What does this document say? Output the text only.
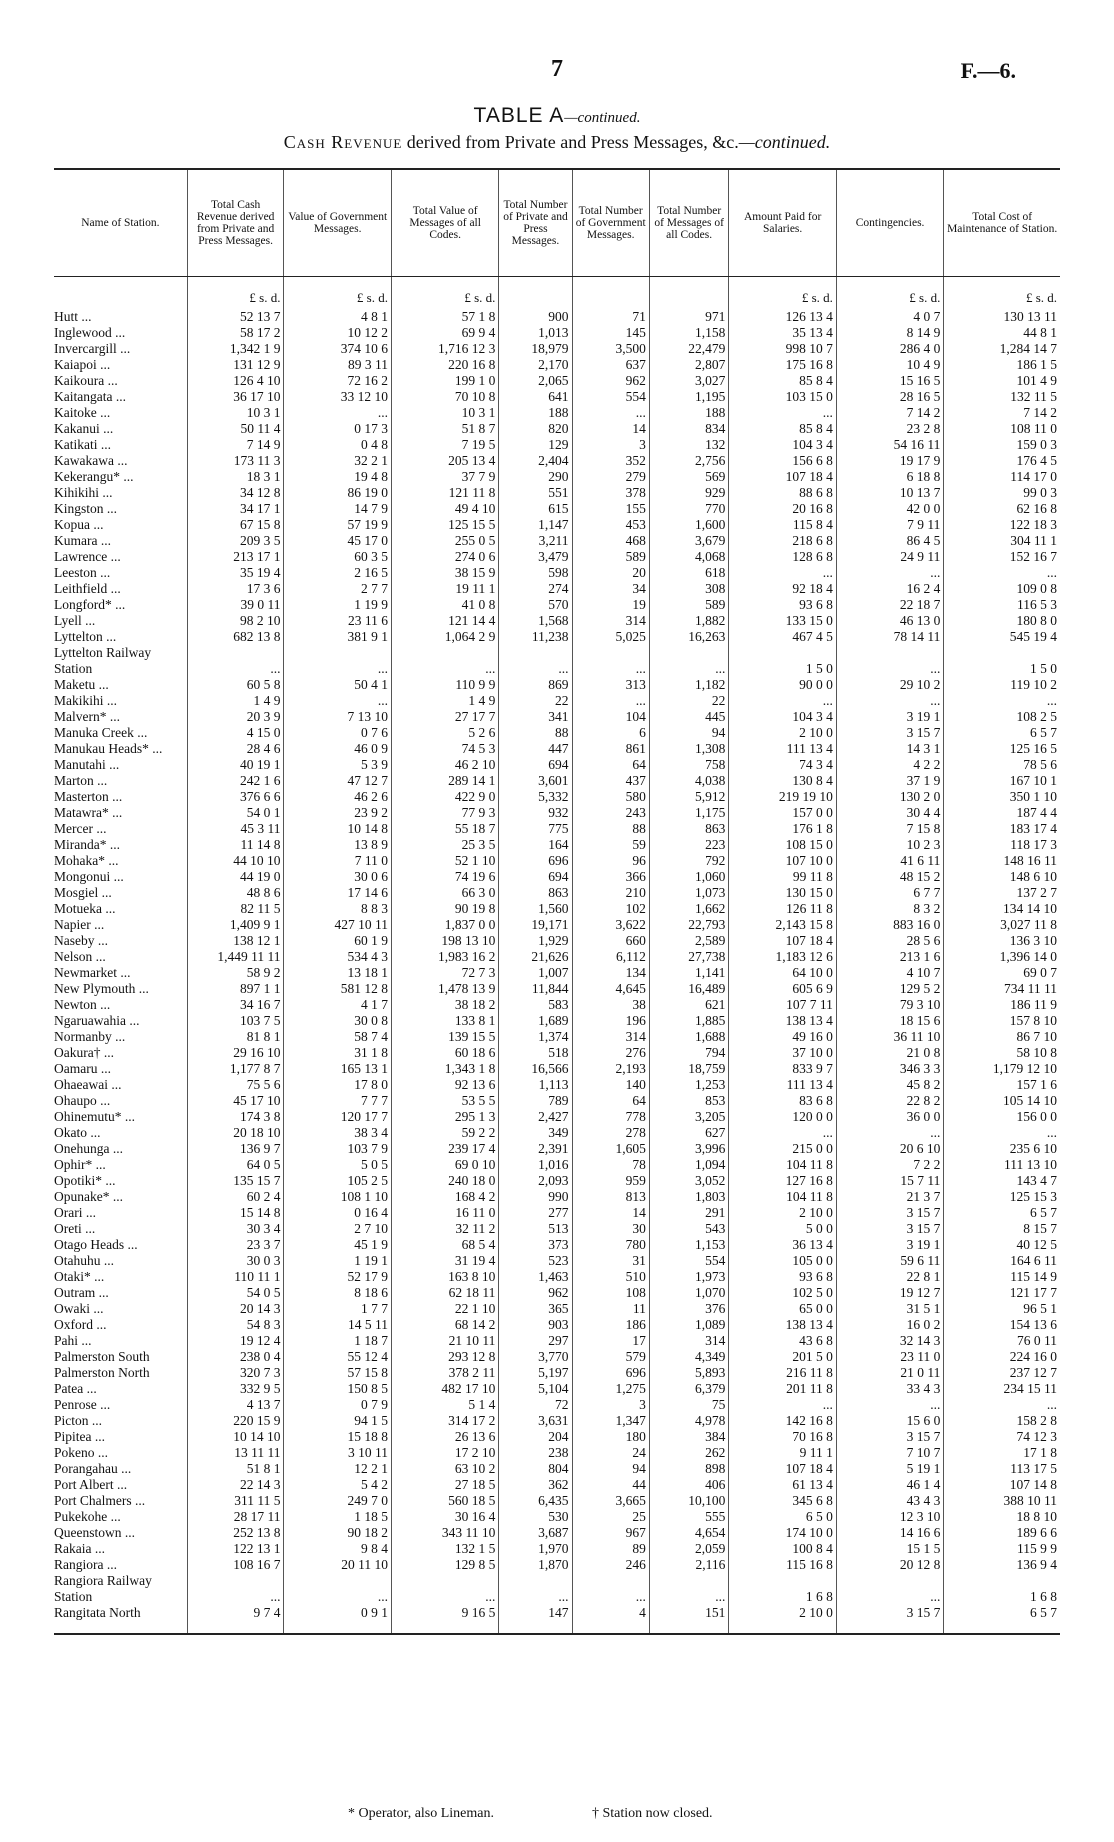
7	F.—6.
TABLE A—continued.
Cash Revenue derived from Private and Press Messages, &c.—continued.
Name of Station.	Total Cash Revenue derived from Private and Press Messages.	Value of Government Messages.	Total Value of Messages of all Codes.	Total Number of Private and Press Messages.	Total Number of Government Messages.	Total Number of Messages of all Codes.	Amount Paid for Salaries.	Contingencies.	Total Cost of Maintenance of Station.
	£ s. d.	£ s. d.	£ s. d.				£ s. d.	£ s. d.	£ s. d.
Hutt ...	52 13 7	4 8 1	57 1 8	900	71	971	126 13 4	4 0 7	130 13 11
Inglewood ...	58 17 2	10 12 2	69 9 4	1,013	145	1,158	35 13 4	8 14 9	44 8 1
Invercargill ...	1,342 1 9	374 10 6	1,716 12 3	18,979	3,500	22,479	998 10 7	286 4 0	1,284 14 7
Kaiapoi ...	131 12 9	89 3 11	220 16 8	2,170	637	2,807	175 16 8	10 4 9	186 1 5
Kaikoura ...	126 4 10	72 16 2	199 1 0	2,065	962	3,027	85 8 4	15 16 5	101 4 9
Kaitangata ...	36 17 10	33 12 10	70 10 8	641	554	1,195	103 15 0	28 16 5	132 11 5
Kaitoke ...	10 3 1	...	10 3 1	188	...	188	...	7 14 2	7 14 2
Kakanui ...	50 11 4	0 17 3	51 8 7	820	14	834	85 8 4	23 2 8	108 11 0
Katikati ...	7 14 9	0 4 8	7 19 5	129	3	132	104 3 4	54 16 11	159 0 3
Kawakawa ...	173 11 3	32 2 1	205 13 4	2,404	352	2,756	156 6 8	19 17 9	176 4 5
Kekerangu* ...	18 3 1	19 4 8	37 7 9	290	279	569	107 18 4	6 18 8	114 17 0
Kihikihi ...	34 12 8	86 19 0	121 11 8	551	378	929	88 6 8	10 13 7	99 0 3
Kingston ...	34 17 1	14 7 9	49 4 10	615	155	770	20 16 8	42 0 0	62 16 8
Kopua ...	67 15 8	57 19 9	125 15 5	1,147	453	1,600	115 8 4	7 9 11	122 18 3
Kumara ...	209 3 5	45 17 0	255 0 5	3,211	468	3,679	218 6 8	86 4 5	304 11 1
Lawrence ...	213 17 1	60 3 5	274 0 6	3,479	589	4,068	128 6 8	24 9 11	152 16 7
Leeston ...	35 19 4	2 16 5	38 15 9	598	20	618	...	...	...
Leithfield ...	17 3 6	2 7 7	19 11 1	274	34	308	92 18 4	16 2 4	109 0 8
Longford* ...	39 0 11	1 19 9	41 0 8	570	19	589	93 6 8	22 18 7	116 5 3
Lyell ...	98 2 10	23 11 6	121 14 4	1,568	314	1,882	133 15 0	46 13 0	180 8 0
Lyttelton ...	682 13 8	381 9 1	1,064 2 9	11,238	5,025	16,263	467 4 5	78 14 11	545 19 4
Lyttelton Railway									
Station	...	...	...	...	...	...	1 5 0	...	1 5 0
Maketu ...	60 5 8	50 4 1	110 9 9	869	313	1,182	90 0 0	29 10 2	119 10 2
Makikihi ...	1 4 9	...	1 4 9	22	...	22	...	...	...
Malvern* ...	20 3 9	7 13 10	27 17 7	341	104	445	104 3 4	3 19 1	108 2 5
Manuka Creek ...	4 15 0	0 7 6	5 2 6	88	6	94	2 10 0	3 15 7	6 5 7
Manukau Heads* ...	28 4 6	46 0 9	74 5 3	447	861	1,308	111 13 4	14 3 1	125 16 5
Manutahi ...	40 19 1	5 3 9	46 2 10	694	64	758	74 3 4	4 2 2	78 5 6
Marton ...	242 1 6	47 12 7	289 14 1	3,601	437	4,038	130 8 4	37 1 9	167 10 1
Masterton ...	376 6 6	46 2 6	422 9 0	5,332	580	5,912	219 19 10	130 2 0	350 1 10
Matawra* ...	54 0 1	23 9 2	77 9 3	932	243	1,175	157 0 0	30 4 4	187 4 4
Mercer ...	45 3 11	10 14 8	55 18 7	775	88	863	176 1 8	7 15 8	183 17 4
Miranda* ...	11 14 8	13 8 9	25 3 5	164	59	223	108 15 0	10 2 3	118 17 3
Mohaka* ...	44 10 10	7 11 0	52 1 10	696	96	792	107 10 0	41 6 11	148 16 11
Mongonui ...	44 19 0	30 0 6	74 19 6	694	366	1,060	99 11 8	48 15 2	148 6 10
Mosgiel ...	48 8 6	17 14 6	66 3 0	863	210	1,073	130 15 0	6 7 7	137 2 7
Motueka ...	82 11 5	8 8 3	90 19 8	1,560	102	1,662	126 11 8	8 3 2	134 14 10
Napier ...	1,409 9 1	427 10 11	1,837 0 0	19,171	3,622	22,793	2,143 15 8	883 16 0	3,027 11 8
Naseby ...	138 12 1	60 1 9	198 13 10	1,929	660	2,589	107 18 4	28 5 6	136 3 10
Nelson ...	1,449 11 11	534 4 3	1,983 16 2	21,626	6,112	27,738	1,183 12 6	213 1 6	1,396 14 0
Newmarket ...	58 9 2	13 18 1	72 7 3	1,007	134	1,141	64 10 0	4 10 7	69 0 7
New Plymouth ...	897 1 1	581 12 8	1,478 13 9	11,844	4,645	16,489	605 6 9	129 5 2	734 11 11
Newton ...	34 16 7	4 1 7	38 18 2	583	38	621	107 7 11	79 3 10	186 11 9
Ngaruawahia ...	103 7 5	30 0 8	133 8 1	1,689	196	1,885	138 13 4	18 15 6	157 8 10
Normanby ...	81 8 1	58 7 4	139 15 5	1,374	314	1,688	49 16 0	36 11 10	86 7 10
Oakura† ...	29 16 10	31 1 8	60 18 6	518	276	794	37 10 0	21 0 8	58 10 8
Oamaru ...	1,177 8 7	165 13 1	1,343 1 8	16,566	2,193	18,759	833 9 7	346 3 3	1,179 12 10
Ohaeawai ...	75 5 6	17 8 0	92 13 6	1,113	140	1,253	111 13 4	45 8 2	157 1 6
Ohaupo ...	45 17 10	7 7 7	53 5 5	789	64	853	83 6 8	22 8 2	105 14 10
Ohinemutu* ...	174 3 8	120 17 7	295 1 3	2,427	778	3,205	120 0 0	36 0 0	156 0 0
Okato ...	20 18 10	38 3 4	59 2 2	349	278	627	...	...	...
Onehunga ...	136 9 7	103 7 9	239 17 4	2,391	1,605	3,996	215 0 0	20 6 10	235 6 10
Ophir* ...	64 0 5	5 0 5	69 0 10	1,016	78	1,094	104 11 8	7 2 2	111 13 10
Opotiki* ...	135 15 7	105 2 5	240 18 0	2,093	959	3,052	127 16 8	15 7 11	143 4 7
Opunake* ...	60 2 4	108 1 10	168 4 2	990	813	1,803	104 11 8	21 3 7	125 15 3
Orari ...	15 14 8	0 16 4	16 11 0	277	14	291	2 10 0	3 15 7	6 5 7
Oreti ...	30 3 4	2 7 10	32 11 2	513	30	543	5 0 0	3 15 7	8 15 7
Otago Heads ...	23 3 7	45 1 9	68 5 4	373	780	1,153	36 13 4	3 19 1	40 12 5
Otahuhu ...	30 0 3	1 19 1	31 19 4	523	31	554	105 0 0	59 6 11	164 6 11
Otaki* ...	110 11 1	52 17 9	163 8 10	1,463	510	1,973	93 6 8	22 8 1	115 14 9
Outram ...	54 0 5	8 18 6	62 18 11	962	108	1,070	102 5 0	19 12 7	121 17 7
Owaki ...	20 14 3	1 7 7	22 1 10	365	11	376	65 0 0	31 5 1	96 5 1
Oxford ...	54 8 3	14 5 11	68 14 2	903	186	1,089	138 13 4	16 0 2	154 13 6
Pahi ...	19 12 4	1 18 7	21 10 11	297	17	314	43 6 8	32 14 3	76 0 11
Palmerston South	238 0 4	55 12 4	293 12 8	3,770	579	4,349	201 5 0	23 11 0	224 16 0
Palmerston North	320 7 3	57 15 8	378 2 11	5,197	696	5,893	216 11 8	21 0 11	237 12 7
Patea ...	332 9 5	150 8 5	482 17 10	5,104	1,275	6,379	201 11 8	33 4 3	234 15 11
Penrose ...	4 13 7	0 7 9	5 1 4	72	3	75	...	...	...
Picton ...	220 15 9	94 1 5	314 17 2	3,631	1,347	4,978	142 16 8	15 6 0	158 2 8
Pipitea ...	10 14 10	15 18 8	26 13 6	204	180	384	70 16 8	3 15 7	74 12 3
Pokeno ...	13 11 11	3 10 11	17 2 10	238	24	262	9 11 1	7 10 7	17 1 8
Porangahau ...	51 8 1	12 2 1	63 10 2	804	94	898	107 18 4	5 19 1	113 17 5
Port Albert ...	22 14 3	5 4 2	27 18 5	362	44	406	61 13 4	46 1 4	107 14 8
Port Chalmers ...	311 11 5	249 7 0	560 18 5	6,435	3,665	10,100	345 6 8	43 4 3	388 10 11
Pukekohe ...	28 17 11	1 18 5	30 16 4	530	25	555	6 5 0	12 3 10	18 8 10
Queenstown ...	252 13 8	90 18 2	343 11 10	3,687	967	4,654	174 10 0	14 16 6	189 6 6
Rakaia ...	122 13 1	9 8 4	132 1 5	1,970	89	2,059	100 8 4	15 1 5	115 9 9
Rangiora ...	108 16 7	20 11 10	129 8 5	1,870	246	2,116	115 16 8	20 12 8	136 9 4
Rangiora Railway									
Station	...	...	...	...	...	...	1 6 8	...	1 6 8
Rangitata North	9 7 4	0 9 1	9 16 5	147	4	151	2 10 0	3 15 7	6 5 7
* Operator, also Lineman.	† Station now closed.
